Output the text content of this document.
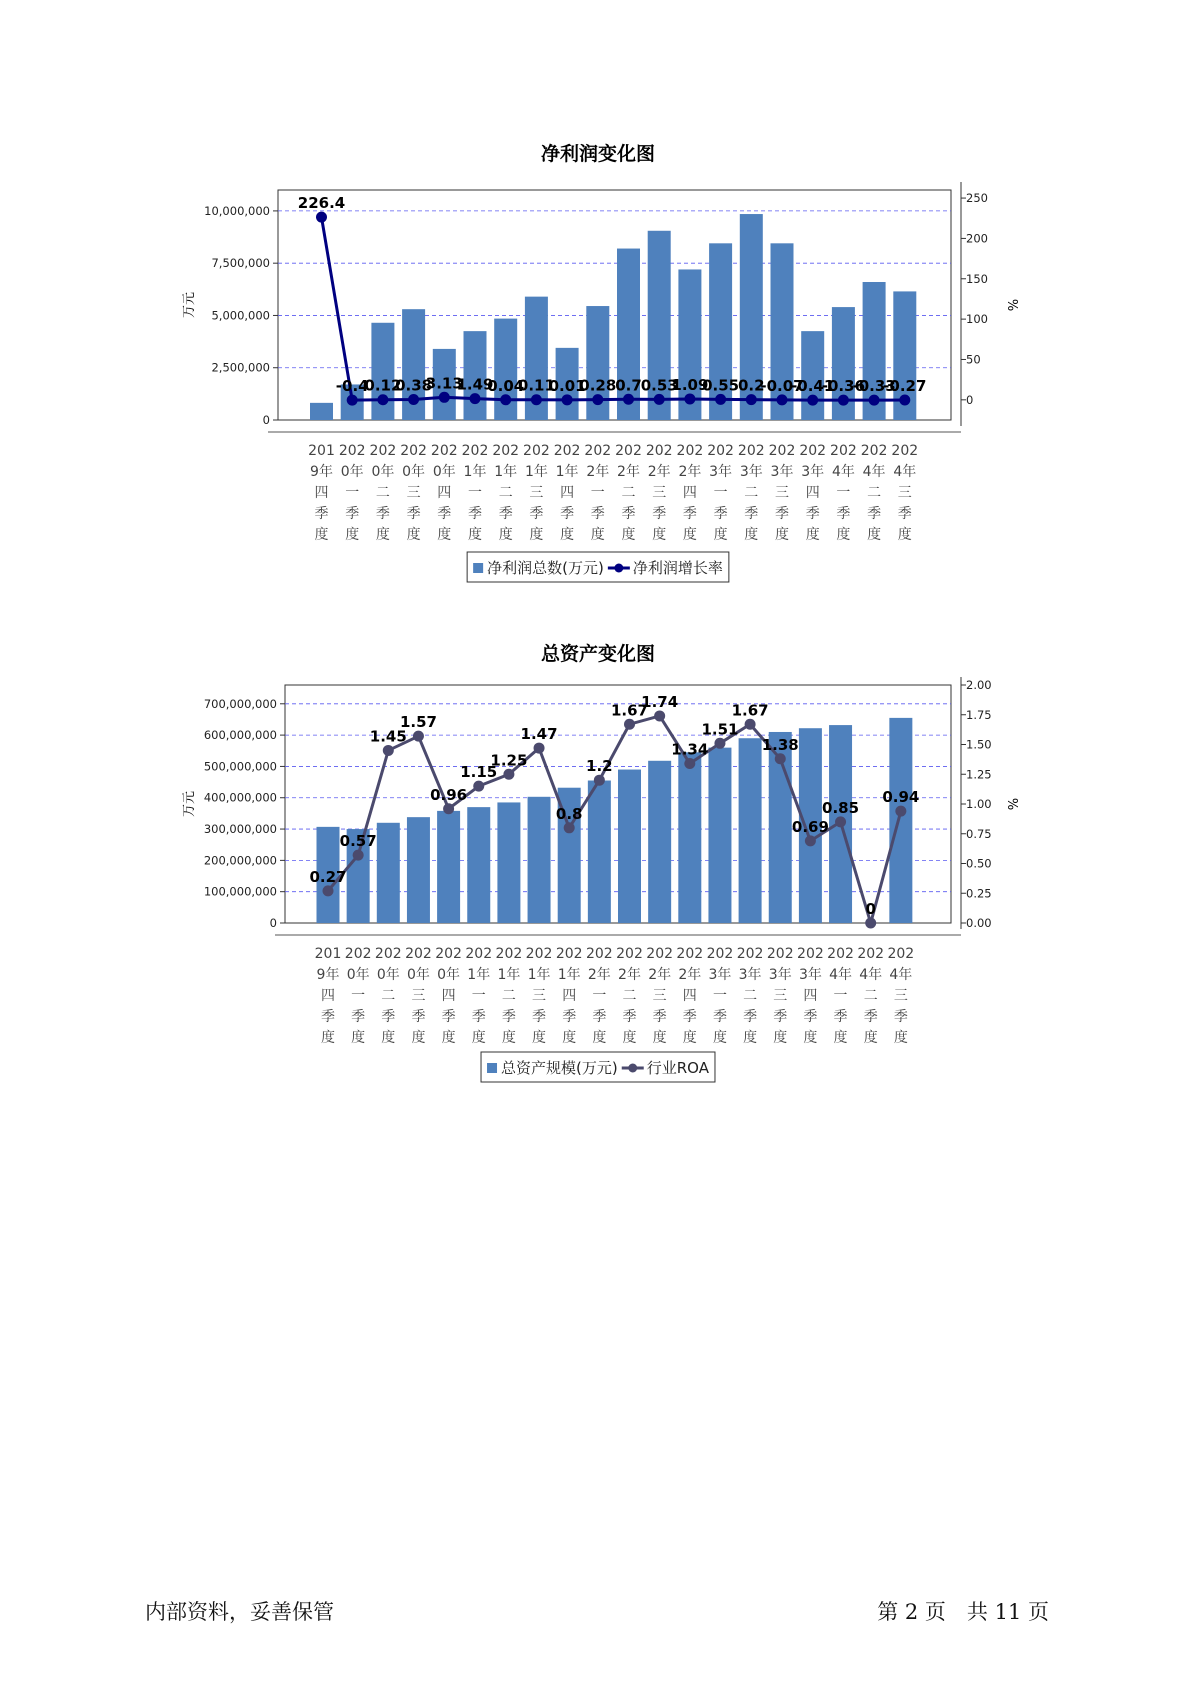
净利润变化图
0
2,500,000
5,000,000
7,500,000
10,000,000
0
50
100
150
200
250
万元	%
201
9年
四
季
度
202
0年
一
季
度
202
0年
二
季
度
202
0年
三
季
度
202
0年
四
季
度
202
1年
一
季
度
202
1年
二
季
度
202
1年
三
季
度
202
1年
四
季
度
202
2年
一
季
度
202
2年
二
季
度
202
2年
三
季
度
202
2年
四
季
度
202
3年
一
季
度
202
3年
二
季
度
202
3年
三
季
度
202
3年
四
季
度
202
4年
一
季
度
202
4年
二
季
度
202
4年
三
季
度
226.4
-0.4
0.12
0.38
3.13
1.49
0.04
0.11
0.01
0.28
0.7
0.53
1.09
0.55
0.2
-0.07
-0.41
-0.36
-0.33
-0.27
净利润总数(万元) 净利润增长率
总资产变化图
0
100,000,000
200,000,000
300,000,000
400,000,000
500,000,000
600,000,000
700,000,000
0.00
0.25
0.50
0.75
1.00
1.25
1.50
1.75
2.00
万元	%
201
9年
四
季
度
202
0年
一
季
度
202
0年
二
季
度
202
0年
三
季
度
202
0年
四
季
度
202
1年
一
季
度
202
1年
二
季
度
202
1年
三
季
度
202
1年
四
季
度
202
2年
一
季
度
202
2年
二
季
度
202
2年
三
季
度
202
2年
四
季
度
202
3年
一
季
度
202
3年
二
季
度
202
3年
三
季
度
202
3年
四
季
度
202
4年
一
季
度
202
4年
二
季
度
202
4年
三
季
度
0.27
0.57
1.45
1.57
0.96
1.15
1.25
1.47
0.8
1.2
1.67
1.74
1.34
1.51
1.67
1.38
0.69
0.85
0
0.94
总资产规模(万元) 行业ROA
内部资料，妥善保管	第 2 页　共 11 页
